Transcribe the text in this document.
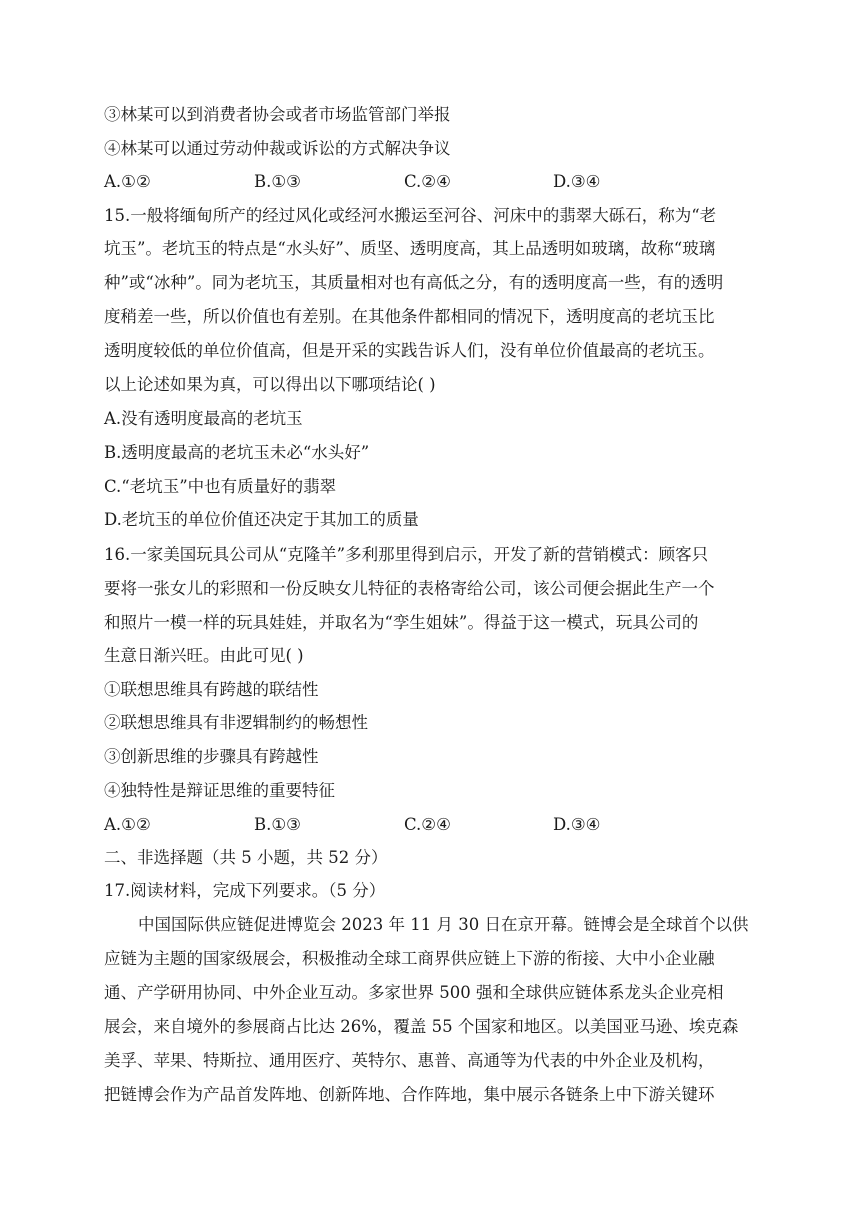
③林某可以到消费者协会或者市场监管部门举报
④林某可以通过劳动仲裁或诉讼的方式解决争议
A.①②	B.①③	C.②④	D.③④
15.一般将缅甸所产的经过风化或经河水搬运至河谷、河床中的翡翠大砾石，称为“老
坑玉”。老坑玉的特点是“水头好”、质坚、透明度高，其上品透明如玻璃，故称“玻璃
种”或“冰种”。同为老坑玉，其质量相对也有高低之分，有的透明度高一些，有的透明
度稍差一些，所以价值也有差别。在其他条件都相同的情况下，透明度高的老坑玉比
透明度较低的单位价值高，但是开采的实践告诉人们，没有单位价值最高的老坑玉。
以上论述如果为真，可以得出以下哪项结论( )
A.没有透明度最高的老坑玉
B.透明度最高的老坑玉未必“水头好”
C.“老坑玉”中也有质量好的翡翠
D.老坑玉的单位价值还决定于其加工的质量
16.一家美国玩具公司从“克隆羊”多利那里得到启示，开发了新的营销模式：顾客只
要将一张女儿的彩照和一份反映女儿特征的表格寄给公司，该公司便会据此生产一个
和照片一模一样的玩具娃娃，并取名为“孪生姐妹”。得益于这一模式，玩具公司的
生意日渐兴旺。由此可见( )
①联想思维具有跨越的联结性
②联想思维具有非逻辑制约的畅想性
③创新思维的步骤具有跨越性
④独特性是辩证思维的重要特征
A.①②	B.①③	C.②④	D.③④
二、非选择题（共 5 小题，共 52 分）
17.阅读材料，完成下列要求。（5 分）
中国国际供应链促进博览会 2023 年 11 月 30 日在京开幕。链博会是全球首个以供
应链为主题的国家级展会，积极推动全球工商界供应链上下游的衔接、大中小企业融
通、产学研用协同、中外企业互动。多家世界 500 强和全球供应链体系龙头企业亮相
展会，来自境外的参展商占比达 26%，覆盖 55 个国家和地区。以美国亚马逊、埃克森
美孚、苹果、特斯拉、通用医疗、英特尔、惠普、高通等为代表的中外企业及机构，
把链博会作为产品首发阵地、创新阵地、合作阵地，集中展示各链条上中下游关键环
